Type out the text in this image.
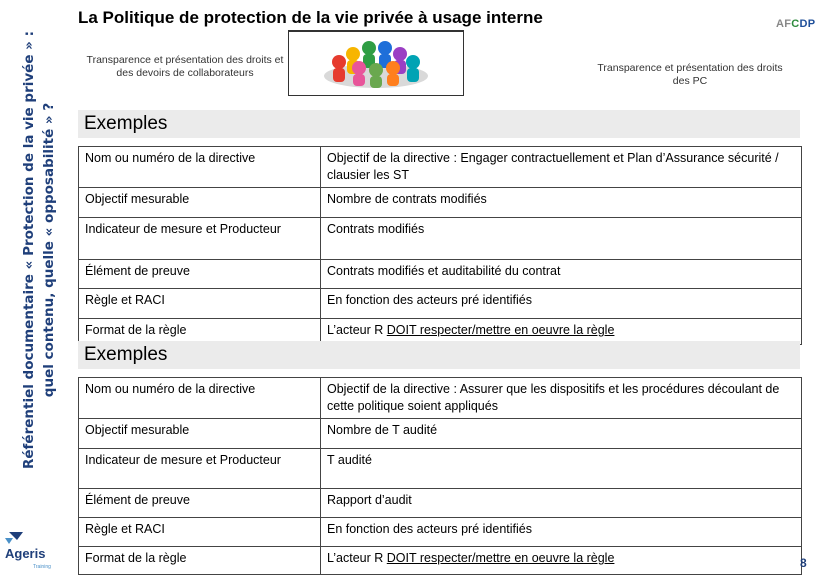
Référentiel documentaire « Protection de la vie privée » : quel contenu, quelle « opposabilité » ?
La Politique de protection de la vie privée à usage interne	AFCDP
Transparence et présentation des droits et des devoirs de collaborateurs	Transparence et présentation des droits des PC
Exemples
Nom ou numéro de la directive	Objectif de la directive : Engager contractuellement et Plan d’Assurance sécurité / clausier les ST
Objectif mesurable	Nombre de contrats modifiés
Indicateur de mesure et Producteur	Contrats modifiés
Élément de preuve	Contrats modifiés et auditabilité du contrat
Règle et RACI	En fonction des acteurs pré identifiés
Format de la règle	L’acteur R DOIT respecter/mettre en oeuvre la règle
Exemples
Nom ou numéro de la directive	Objectif de la directive : Assurer que les dispositifs et les procédures découlant de cette politique soient appliqués
Objectif mesurable	Nombre de T audité
Indicateur de mesure et Producteur	T audité
Élément de preuve	Rapport d’audit
Règle et RACI	En fonction des acteurs pré identifiés
Format de la règle	L’acteur R DOIT respecter/mettre en oeuvre la règle
Ageris
Training	8
